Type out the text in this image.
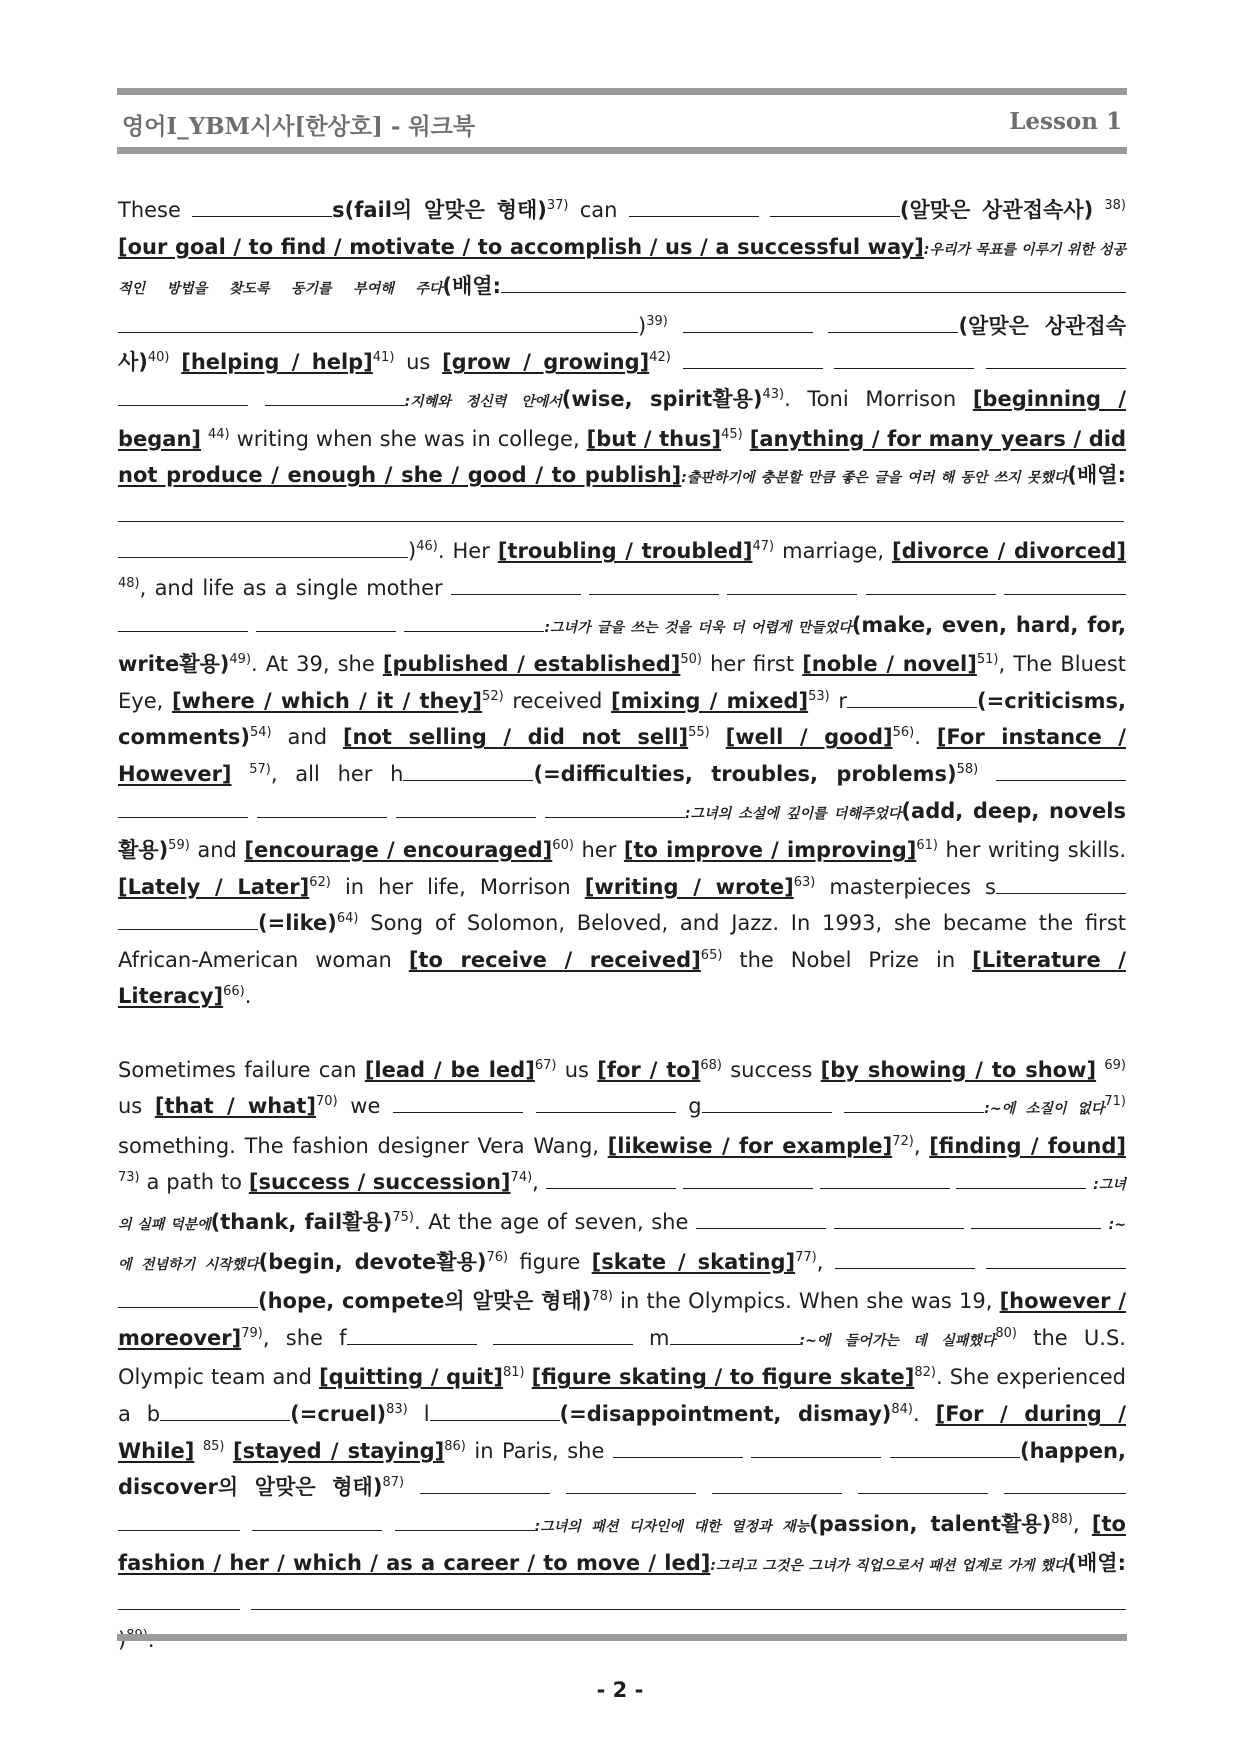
영어I_YBM시사[한상호] - 워크북	Lesson 1

These	s(fail의 알맞은 형태)$^{37)}$ can	(알맞은 상관접속사) $^{38)}$ [our goal / to find / motivate / to accomplish / us / a successful way]:우리가 목표를 이루기 위한 성공적인 방법을 찾도록 동기를 부여해 주다(배열: )$^{39)}$	(알맞은 상관접속사)$^{40)}$ [helping / help]$^{41)}$ us [grow / growing]$^{42)}$     :지혜와 정신력 안에서(wise, spirit활용)$^{43)}$. Toni Morrison [beginning / began] $^{44)}$ writing when she was in college, [but / thus]$^{45)}$ [anything / for many years / did not produce / enough / she / good / to publish]:출판하기에 충분할 만큼 좋은 글을 여러 해 동안 쓰지 못했다(배열:  )$^{46)}$. Her [troubling / troubled]$^{47)}$ marriage, [divorce / divorced] $^{48)}$, and life as a single mother        :그녀가 글을 쓰는 것을 더욱 더 어렵게 만들었다(make, even, hard, for, write활용)$^{49)}$. At 39, she [published / established]$^{50)}$ her first [noble / novel]$^{51)}$, The Bluest Eye, [where / which / it / they]$^{52)}$ received [mixing / mixed]$^{53)}$ r	(=criticisms, comments)$^{54)}$ and [not selling / did not sell]$^{55)}$ [well / good]$^{56)}$. [For instance / However] $^{57)}$, all her h	(=difficulties, troubles, problems)$^{58)}$     :그녀의 소설에 깊이를 더해주었다(add, deep, novels활용)$^{59)}$ and [encourage / encouraged]$^{60)}$ her [to improve / improving]$^{61)}$ her writing skills. [Lately / Later]$^{62)}$ in her life, Morrison [writing / wrote]$^{63)}$ masterpieces s (=like)$^{64)}$ Song of Solomon, Beloved, and Jazz. In 1993, she became the first African-American woman [to receive / received]$^{65)}$ the Nobel Prize in [Literature / Literacy]$^{66)}$.

Sometimes failure can [lead / be led]$^{67)}$ us [for / to]$^{68)}$ success [by showing / to show] $^{69)}$ us [that / what]$^{70)}$ we	g	:~에 소질이 없다$^{71)}$ something. The fashion designer Vera Wang, [likewise / for example]$^{72)}$, [finding / found] $^{73)}$ a path to [success / succession]$^{74)}$,	:그녀의 실패 덕분에(thank, fail활용)$^{75)}$. At the age of seven, she	:~에 전념하기 시작했다(begin, devote활용)$^{76)}$ figure [skate / skating]$^{77)}$,   (hope, compete의 알맞은 형태)$^{78)}$ in the Olympics. When she was 19, [however / moreover]$^{79)}$, she f	m	:~에 들어가는 데 실패했다$^{80)}$ the U.S. Olympic team and [quitting / quit]$^{81)}$ [figure skating / to figure skate]$^{82)}$. She experienced a b	(=cruel)$^{83)}$ l	(=disappointment, dismay)$^{84)}$. [For / during / While] $^{85)}$ [stayed / staying]$^{86)}$ in Paris, she	(happen, discover의 알맞은 형태)$^{87)}$        :그녀의 패션 디자인에 대한 열정과 재능(passion, talent활용)$^{88)}$, [to fashion / her / which / as a career / to move / led]:그리고 그것은 그녀가 직업으로서 패션 업계로 가게 했다(배열:

- 2 -
